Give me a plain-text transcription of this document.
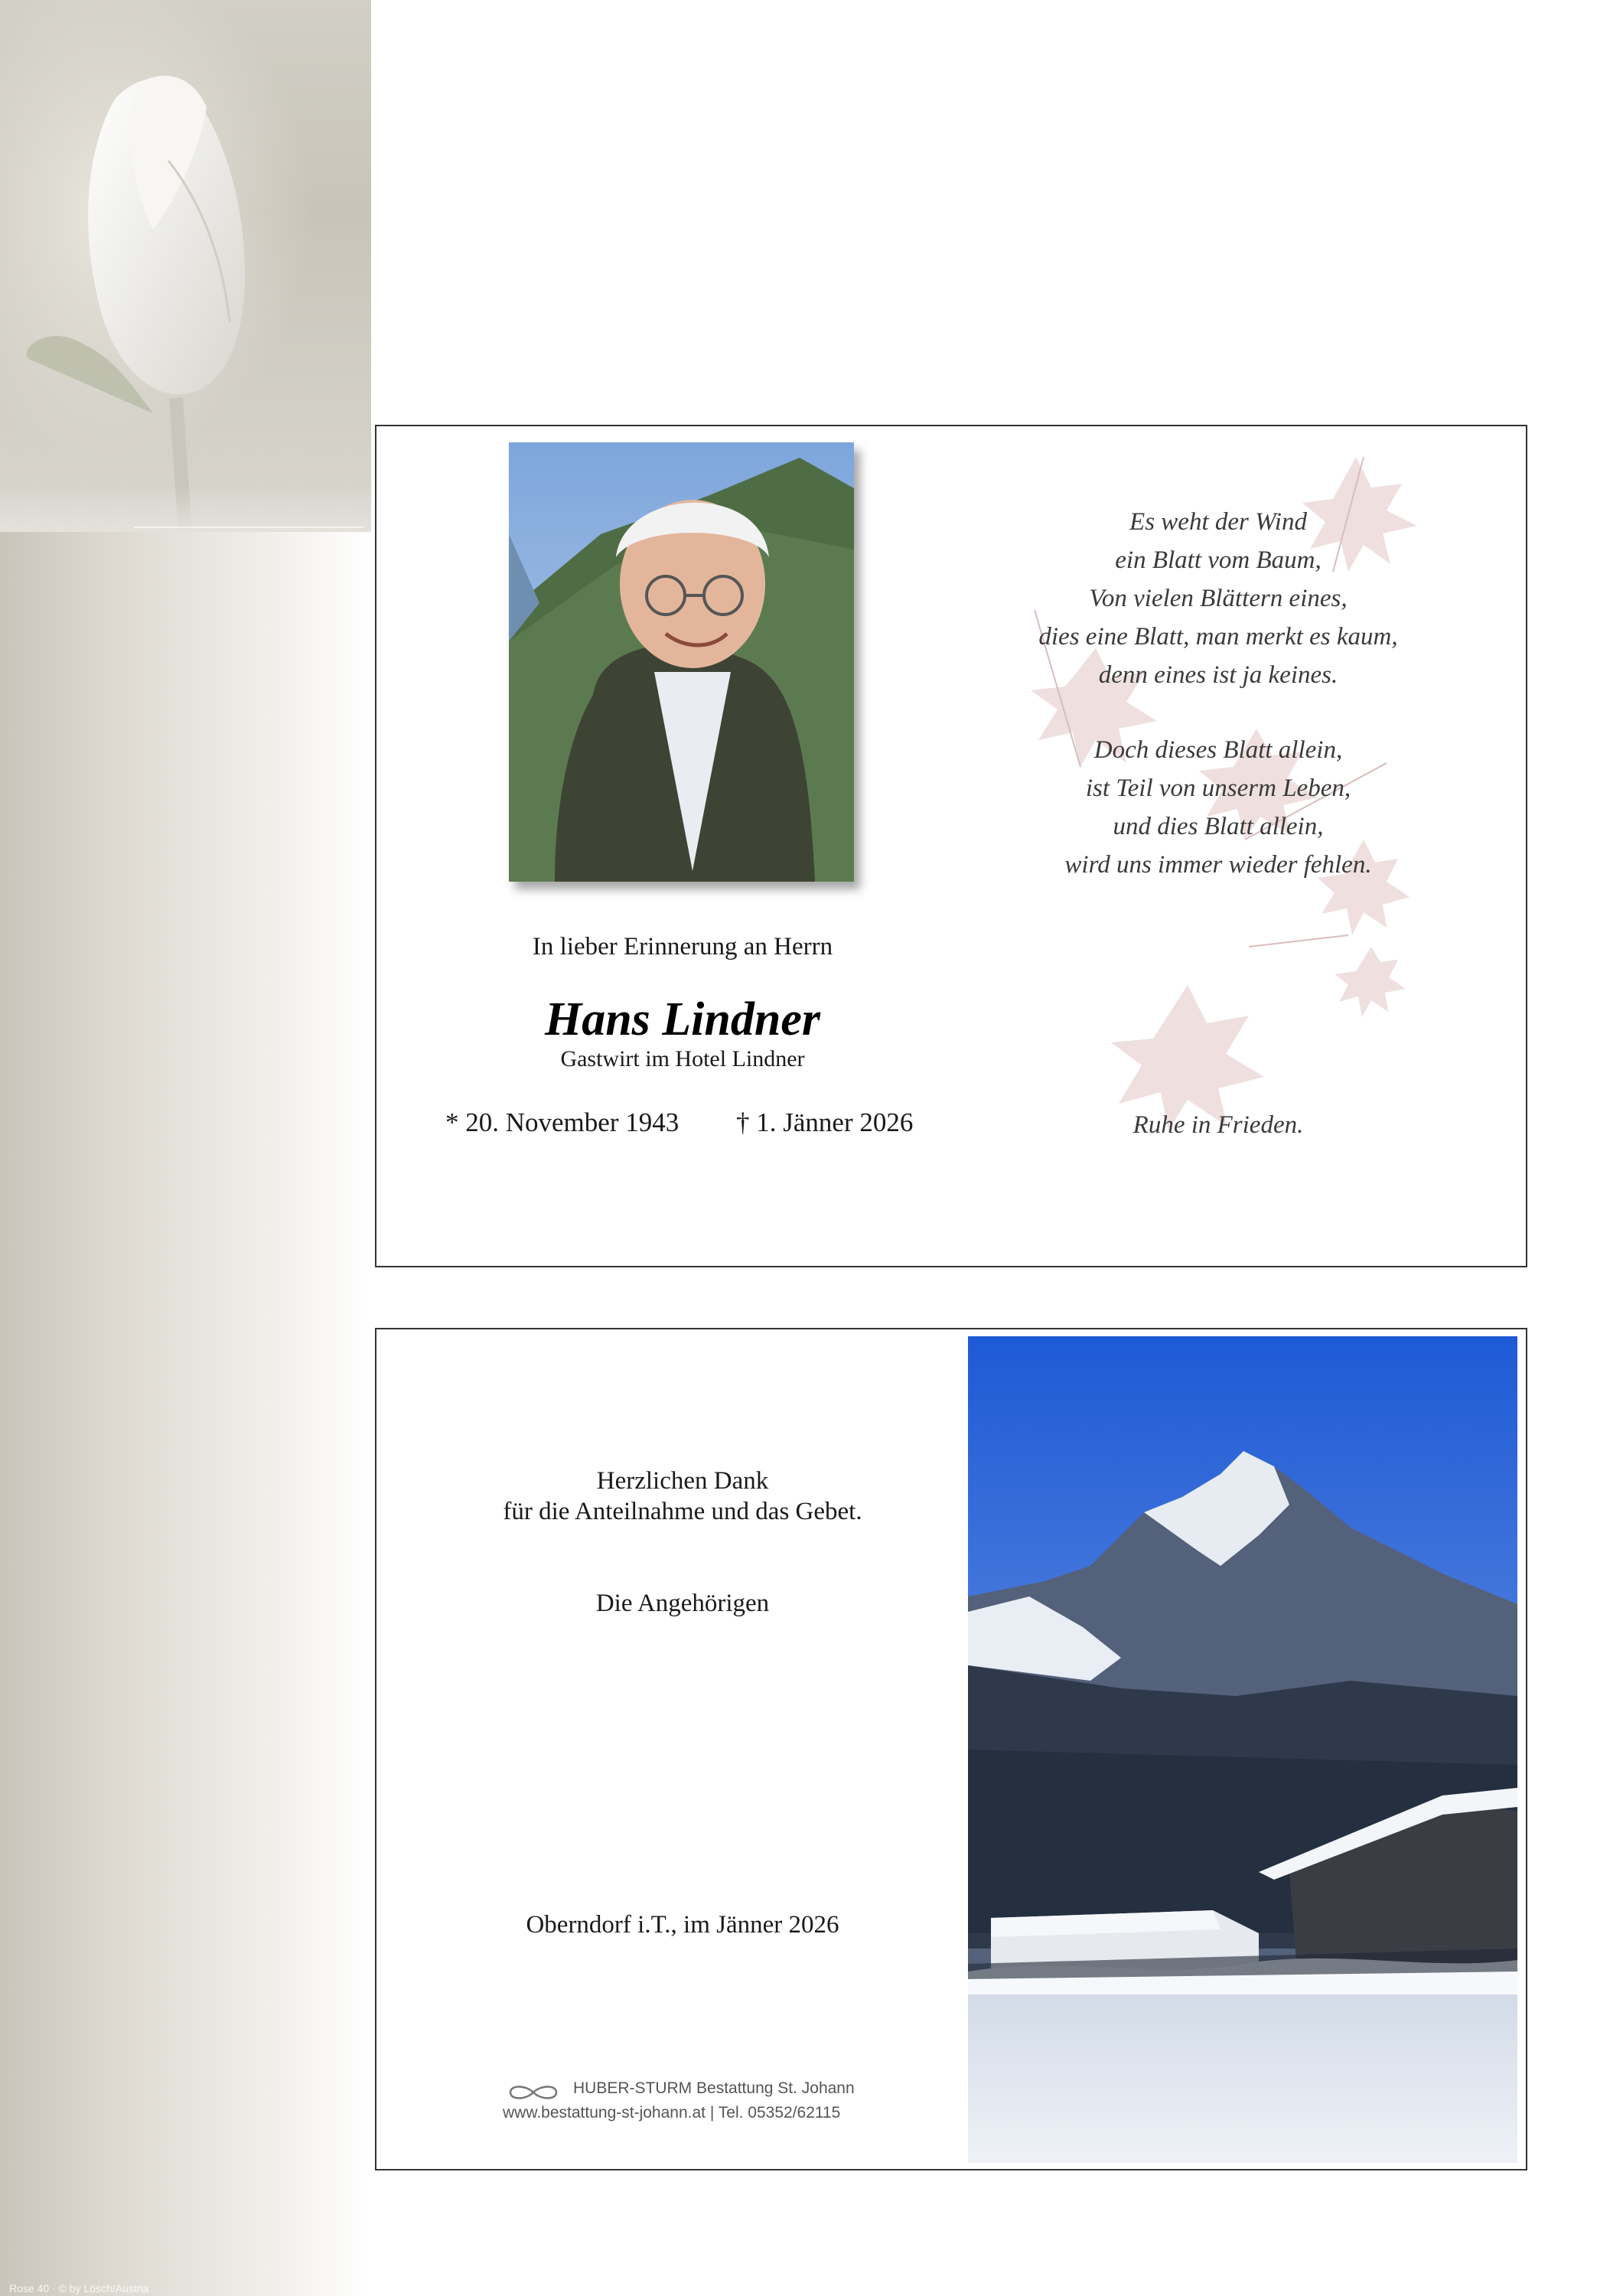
Rose 40 · © by Lösch/Austria
Es weht der Wind
ein Blatt vom Baum,
Von vielen Blättern eines,
dies eine Blatt, man merkt es kaum,
denn eines ist ja keines.
Doch dieses Blatt allein,
ist Teil von unserm Leben,
und dies Blatt allein,
wird uns immer wieder fehlen.
In lieber Erinnerung an Herrn
Hans Lindner
Gastwirt im Hotel Lindner
* 20. November 1943 † 1. Jänner 2026	Ruhe in Frieden.
Herzlichen Dank
für die Anteilnahme und das Gebet.
Die Angehörigen
Oberndorf i.T., im Jänner 2026
HUBER-STURM Bestattung St. Johann
www.bestattung-st-johann.at | Tel. 05352/62115
